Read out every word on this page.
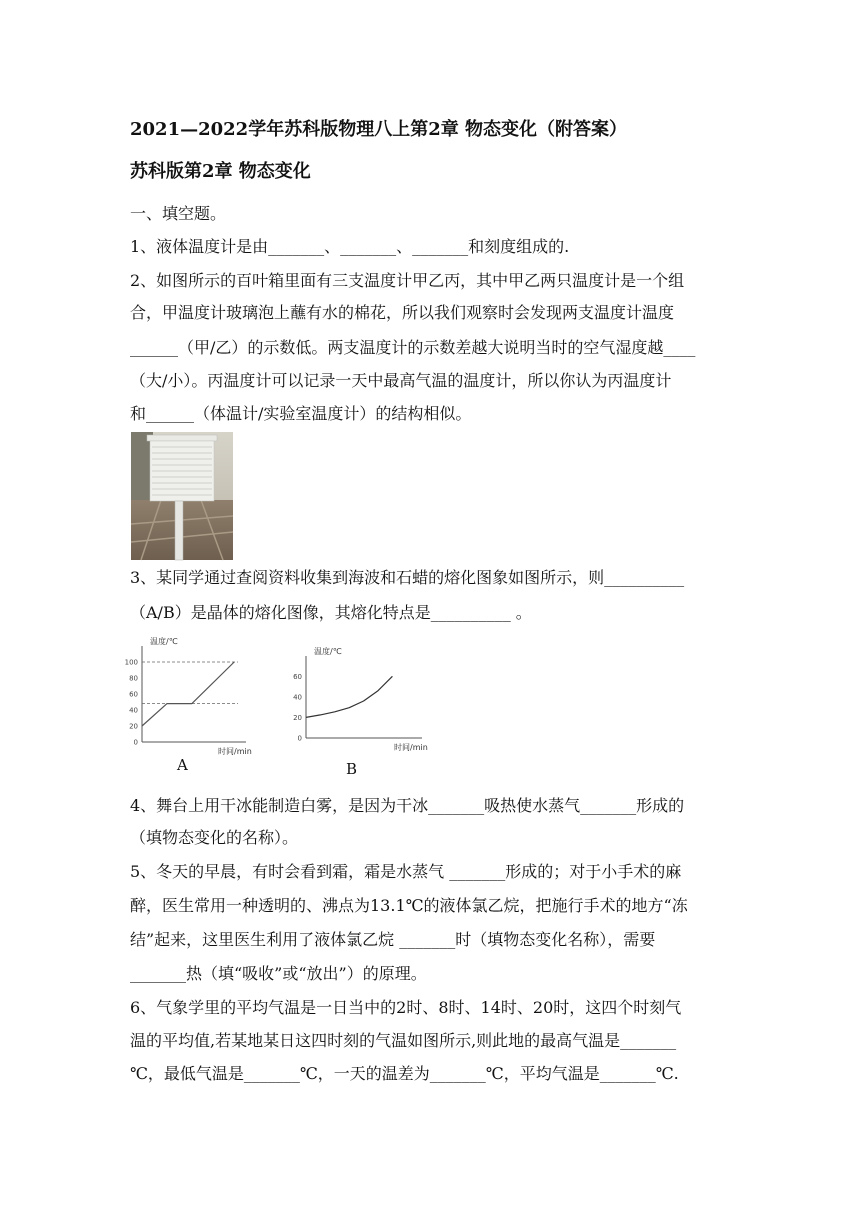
2021—2022学年苏科版物理八上第2章 物态变化（附答案）
苏科版第2章 物态变化
一、填空题。
1、液体温度计是由_______、_______、_______和刻度组成的.
2、如图所示的百叶箱里面有三支温度计甲乙丙，其中甲乙两只温度计是一个组
合，甲温度计玻璃泡上蘸有水的棉花，所以我们观察时会发现两支温度计温度
______（甲/乙）的示数低。两支温度计的示数差越大说明当时的空气湿度越____
（大/小）。丙温度计可以记录一天中最高气温的温度计，所以你认为丙温度计
和______（体温计/实验室温度计）的结构相似。
3、某同学通过查阅资料收集到海波和石蜡的熔化图象如图所示，则__________
（A/B）是晶体的熔化图像，其熔化特点是__________ 。
温度/℃
时间/min
0
20
40
60
80
100
温度/℃
时间/min
0
20
40
60
A	B
4、舞台上用干冰能制造白雾，是因为干冰_______吸热使水蒸气_______形成的
（填物态变化的名称）。
5、冬天的早晨，有时会看到霜，霜是水蒸气 _______形成的；对于小手术的麻
醉，医生常用一种透明的、沸点为13.1℃的液体氯乙烷，把施行手术的地方“冻
结”起来，这里医生利用了液体氯乙烷 _______时（填物态变化名称），需要
_______热（填“吸收”或“放出”）的原理。
6、气象学里的平均气温是一日当中的2时、8时、14时、20时，这四个时刻气
温的平均值,若某地某日这四时刻的气温如图所示,则此地的最高气温是_______
℃，最低气温是_______℃，一天的温差为_______℃，平均气温是_______℃.
